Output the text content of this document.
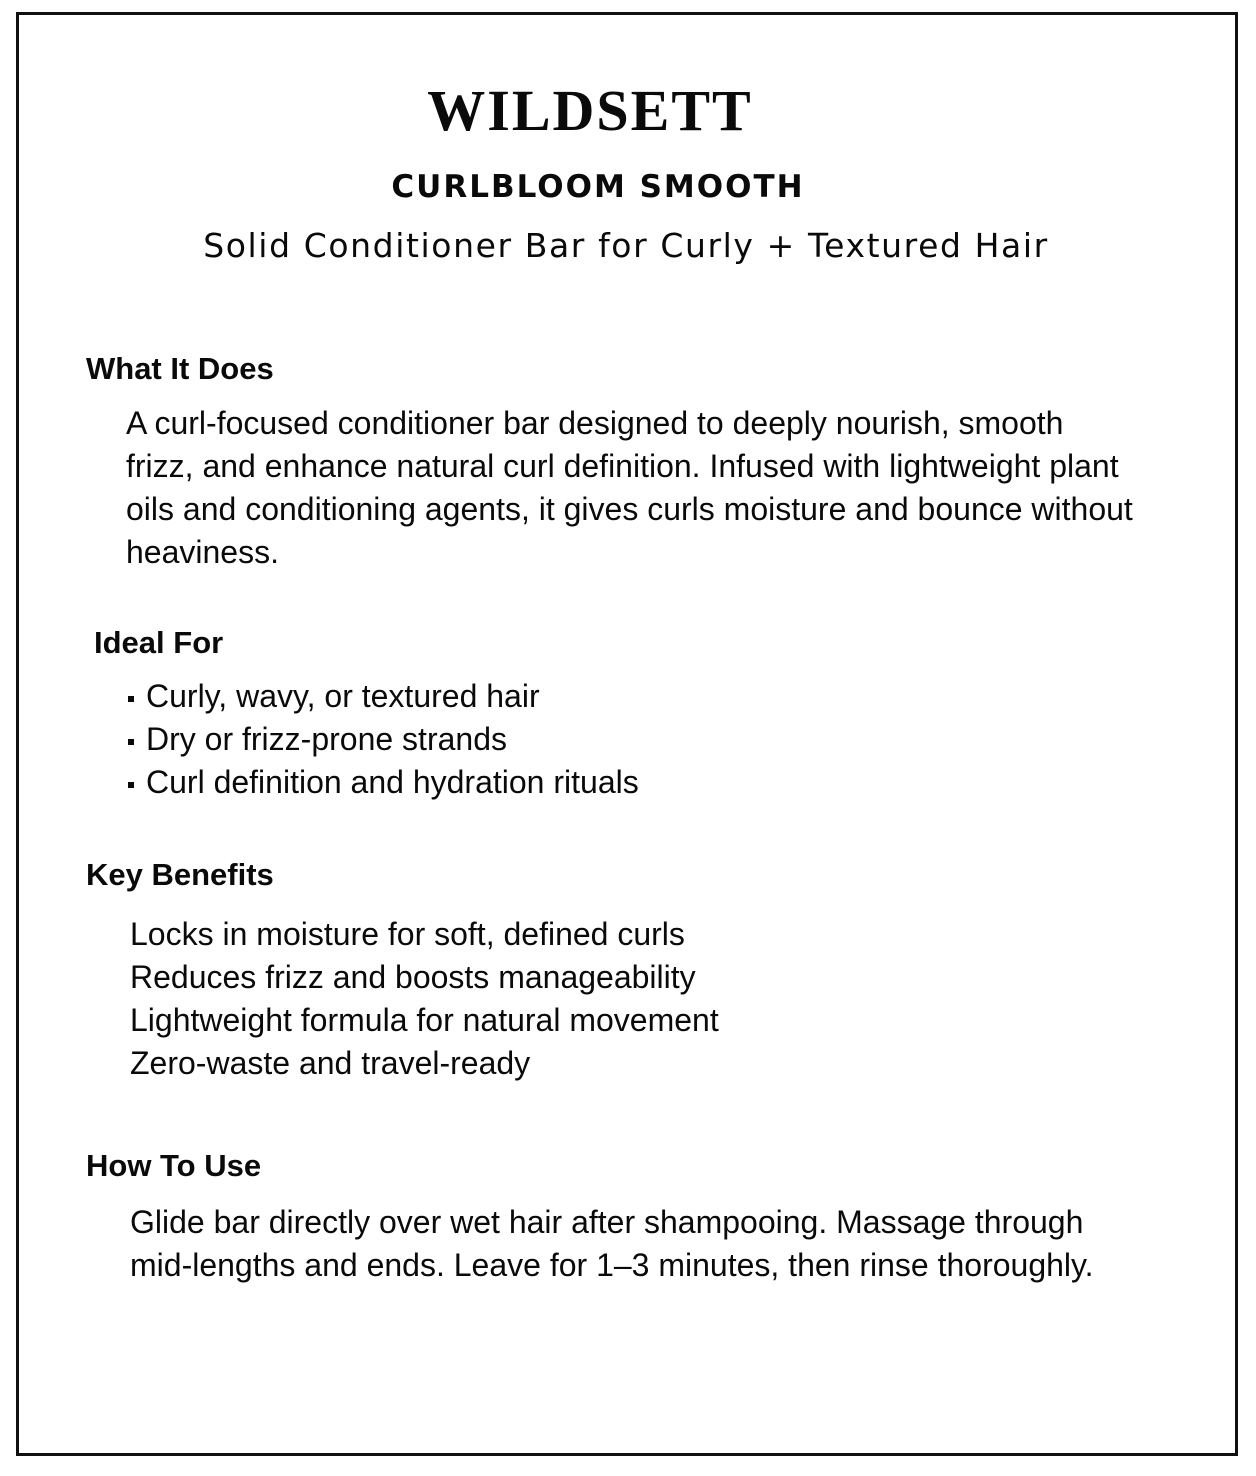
WILDSETT
CURLBLOOM SMOOTH
Solid Conditioner Bar for Curly + Textured Hair
What It Does
A curl-focused conditioner bar designed to deeply nourish, smooth
frizz, and enhance natural curl definition. Infused with lightweight plant
oils and conditioning agents, it gives curls moisture and bounce without
heaviness.
Ideal For
Curly, wavy, or textured hair
Dry or frizz-prone strands
Curl definition and hydration rituals
Key Benefits
Locks in moisture for soft, defined curls
Reduces frizz and boosts manageability
Lightweight formula for natural movement
Zero-waste and travel-ready
How To Use
Glide bar directly over wet hair after shampooing. Massage through
mid-lengths and ends. Leave for 1–3 minutes, then rinse thoroughly.
